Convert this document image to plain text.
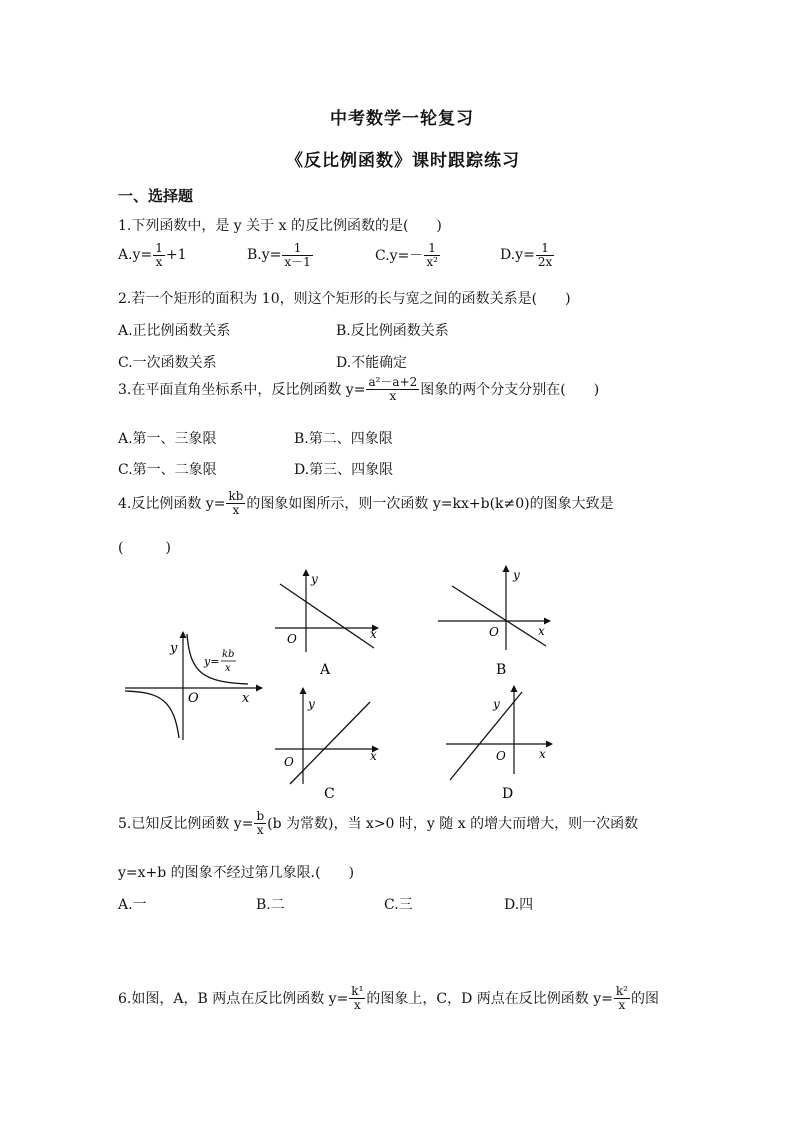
中考数学一轮复习
《反比例函数》课时跟踪练习
一、选择题
1.下列函数中，是 y 关于 x 的反比例函数的是(　　)
$A.y= \frac{1}{x} +1$	$B.y= \frac{1}{x-1}$	$C.y=- \frac{1}{\text{x²}}$	$D.y= \frac{1}{2x}$
2.若一个矩形的面积为 10，则这个矩形的长与宽之间的函数关系是(　　)
A.正比例函数关系	B.反比例函数关系
C.一次函数关系	D.不能确定
3.在平面直角坐标系中，反比例函数 $y= \frac{\text{a²－a+2}}{x}$ 图象的两个分支分别在(　　)
A.第一、三象限	B.第二、四象限
C.第一、二象限	D.第三、四象限
4.反比例函数 $y= \frac{kb}{x}$ 的图象如图所示，则一次函数 y=kx+b(k≠0)的图象大致是
(　　　)
y
x
O
y=
kb
x
y
x
O
A
y
x
O
B
y
x
O
C
y
x
O
D
5.已知反比例函数 $y= \frac{b}{x} (b$ 为常数)，当 x>0 时，y 随 x 的增大而增大，则一次函数
y=x+b 的图象不经过第几象限.(　　)
A.一	B.二	C.三	D.四
6.如图，A，B 两点在反比例函数 $y= \frac{\text{k¹}}{x}$ 的图象上，C，D 两点在反比例函数 $y= \frac{\text{k²}}{x}$ 的图
